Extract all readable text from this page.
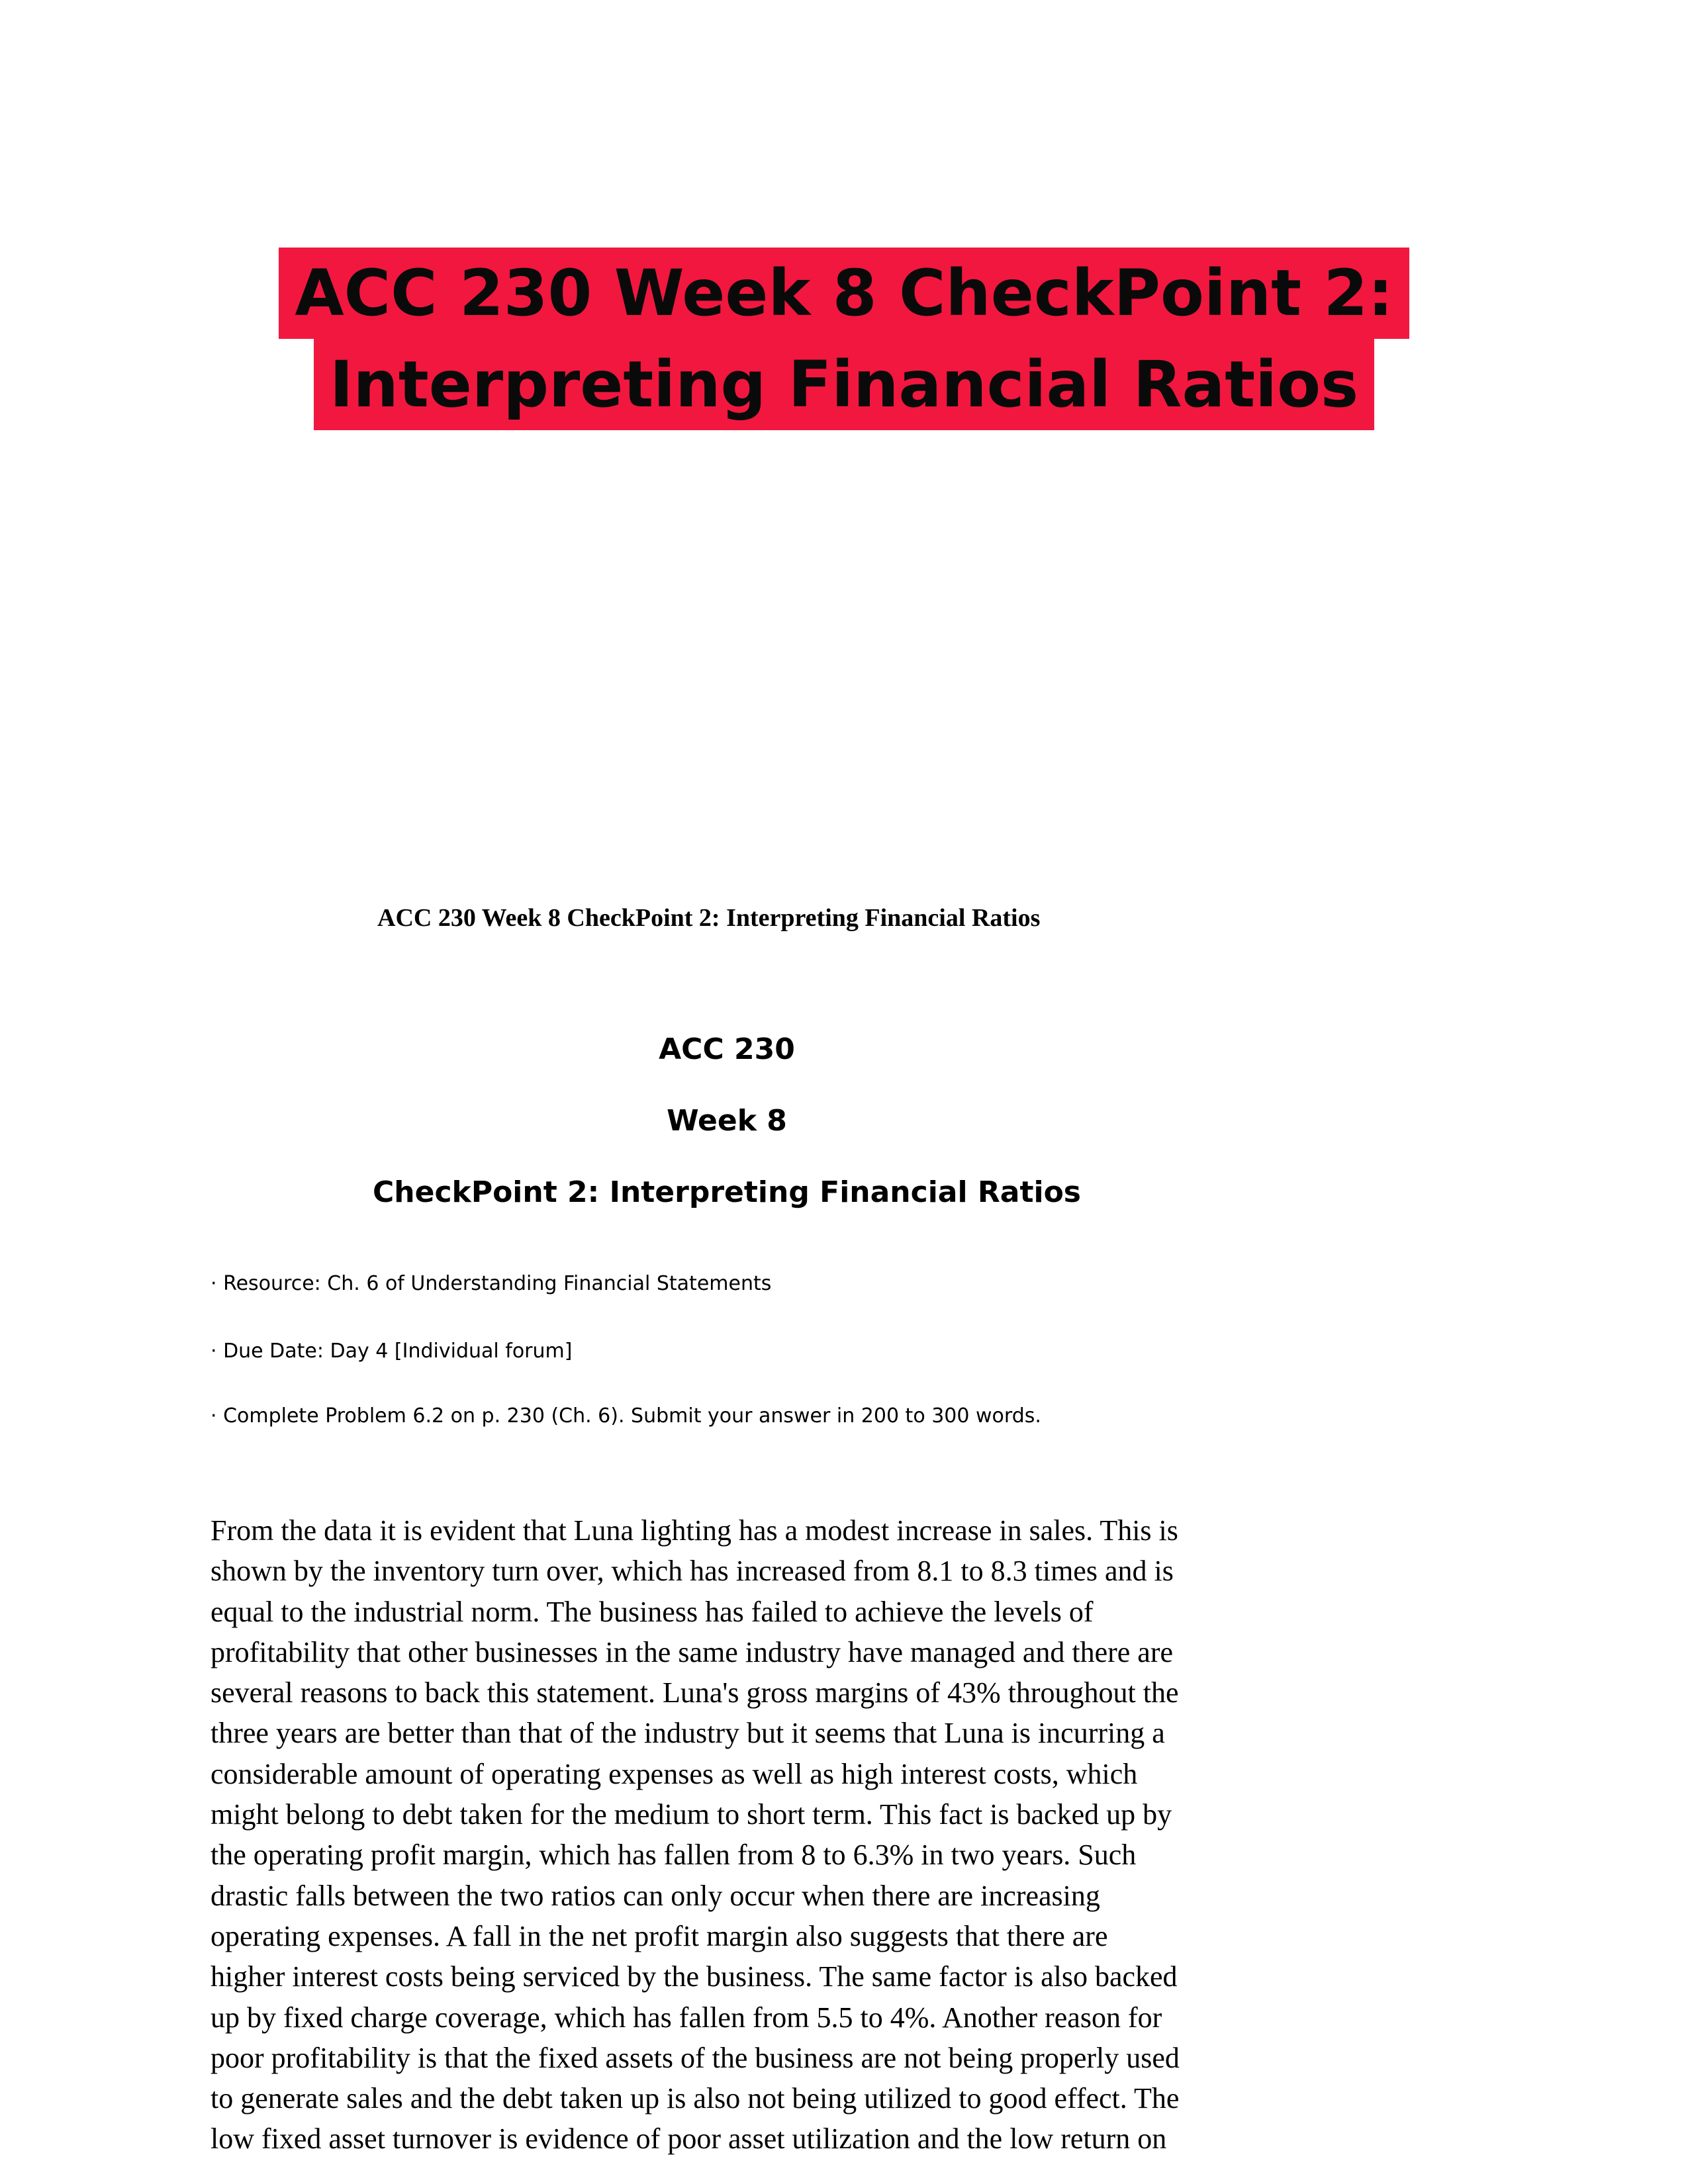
ACC 230 Week 8 CheckPoint 2:
Interpreting Financial Ratios
ACC 230 Week 8 CheckPoint 2: Interpreting Financial Ratios

ACC 230

Week 8

CheckPoint 2: Interpreting Financial Ratios

· Resource: Ch. 6 of Understanding Financial Statements
· Due Date: Day 4 [Individual forum]
· Complete Problem 6.2 on p. 230 (Ch. 6). Submit your answer in 200 to 300 words.
From the data it is evident that Luna lighting has a modest increase in sales. This is
shown by the inventory turn over, which has increased from 8.1 to 8.3 times and is
equal to the industrial norm. The business has failed to achieve the levels of
profitability that other businesses in the same industry have managed and there are
several reasons to back this statement. Luna's gross margins of 43% throughout the
three years are better than that of the industry but it seems that Luna is incurring a
considerable amount of operating expenses as well as high interest costs, which
might belong to debt taken for the medium to short term. This fact is backed up by
the operating profit margin, which has fallen from 8 to 6.3% in two years. Such
drastic falls between the two ratios can only occur when there are increasing
operating expenses. A fall in the net profit margin also suggests that there are
higher interest costs being serviced by the business. The same factor is also backed
up by fixed charge coverage, which has fallen from 5.5 to 4%. Another reason for
poor profitability is that the fixed assets of the business are not being properly used
to generate sales and the debt taken up is also not being utilized to good effect. The
low fixed asset turnover is evidence of poor asset utilization and the low return on
